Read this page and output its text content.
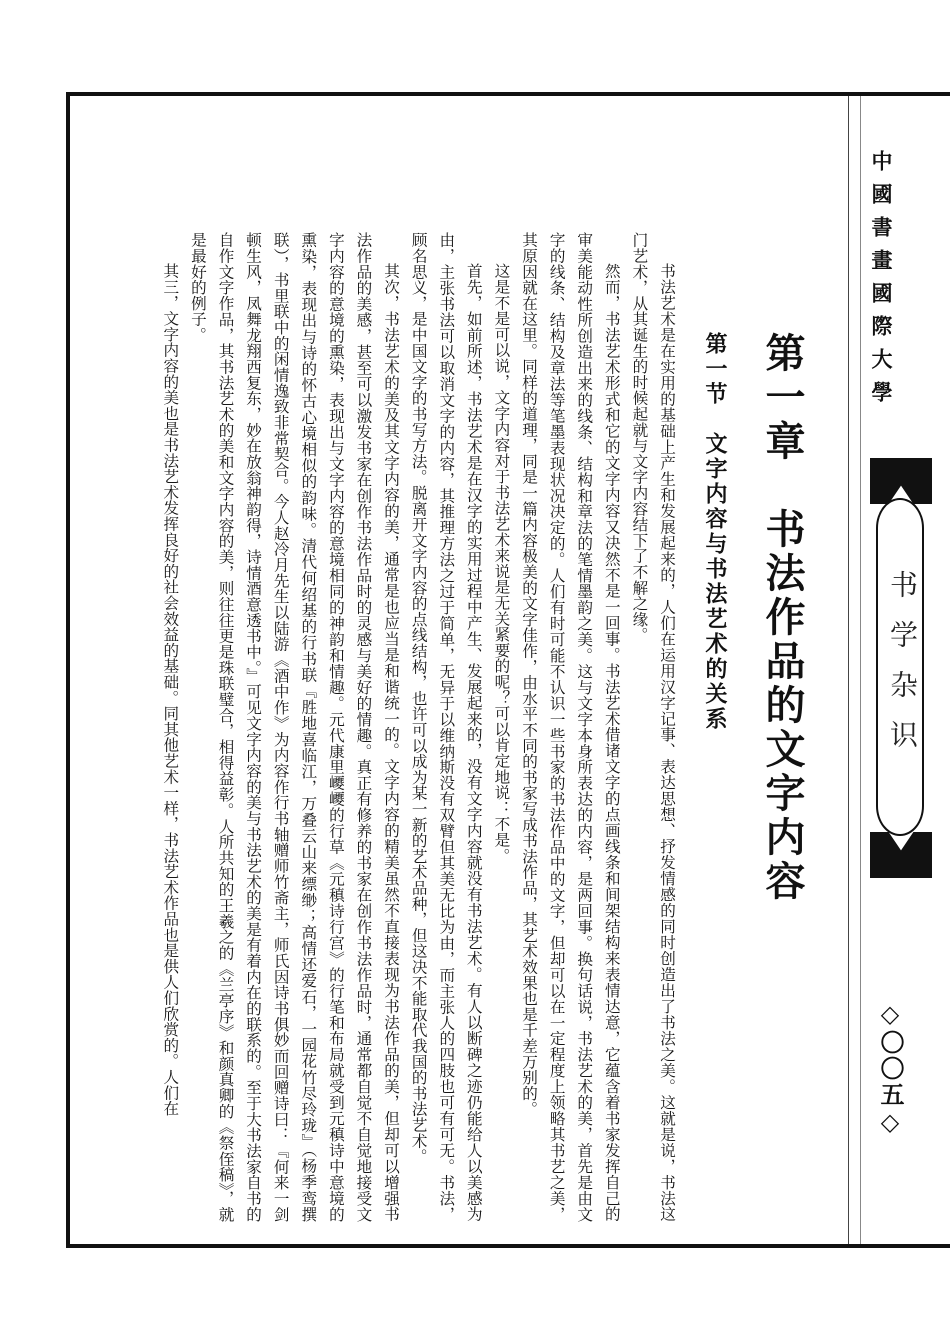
中國書畫國際大學
书学杂识
◇〇〇五◇
第一章　书法作品的文字内容
第一节　文字内容与书法艺术的关系

书法艺术是在实用的基础上产生和发展起来的，人们在运用汉字记事、表达思想、抒发情感的同时创造出了书法之美。这就是说，书法这门艺术，从其诞生的时候起就与文字内容结下了不解之缘。

然而，书法艺术形式和它的文字内容又决然不是一回事。书法艺术借诸文字的点画线条和间架结构来表情达意，它蕴含着书家发挥自己的审美能动性所创造出来的线条、结构和章法的笔情墨韵之美。这与文字本身所表达的内容，是两回事。换句话说，书法艺术的美，首先是由文字的线条、结构及章法等笔墨表现状况决定的。人们有时可能不认识一些书家的书法作品中的文字，但却可以在一定程度上领略其书艺之美，其原因就在这里。同样的道理，同是一篇内容极美的文字佳作，由水平不同的书家写成书法作品，其艺术效果也是千差万别的。

这是不是可以说，文字内容对于书法艺术来说是无关紧要的呢？可以肯定地说：不是。

首先，如前所述，书法艺术是在汉字的实用过程中产生、发展起来的，没有文字内容就没有书法艺术。有人以断碑之迹仍能给人以美感为由，主张书法可以取消文字的内容，其推理方法之过于简单，无异于以维纳斯没有双臂但其美无比为由，而主张人的四肢也可有可无。书法，顾名思义，是中国文字的书写方法。脱离开文字内容的点线结构，也许可以成为某一新的艺术品种，但这决不能取代我国的书法艺术。

其次，书法艺术的美及其文字内容的美，通常是也应当是和谐统一的。文字内容的精美虽然不直接表现为书法作品的美，但却可以增强书法作品的美感，甚至可以激发书家在创作书法作品时的灵感与美好的情趣。真正有修养的书家在创作书法作品时，通常都自觉不自觉地接受文字内容的意境的熏染，表现出与文字内容的意境相同的神韵和情趣。元代康里巎巎的行草《元稹诗行宫》的行笔和布局就受到元稹诗中意境的熏染，表现出与诗的怀古心境相似的韵味。清代何绍基的行书联『胜地喜临江，万叠云山来缥缈；高情还爱石，一园花竹尽玲珑』（杨季鸾撰联），书里联中的闲情逸致非常契合。今人赵冷月先生以陆游《酒中作》为内容作行书轴赠师竹斋主，师氏因诗书俱妙而回赠诗曰：『何来一剑顿生风，凤舞龙翔西复东，妙在放翁神韵得，诗情酒意透书中。』可见文字内容的美与书法艺术的美是有着内在的联系的。至于大书法家自书的自作文字作品，其书法艺术的美和文字内容的美，则往往更是珠联璧合，相得益彰。人所共知的王羲之的《兰亭序》和颜真卿的《祭侄稿》，就是最好的例子。

其三，文字内容的美也是书法艺术发挥良好的社会效益的基础。同其他艺术一样，书法艺术作品也是供人们欣赏的。人们在
